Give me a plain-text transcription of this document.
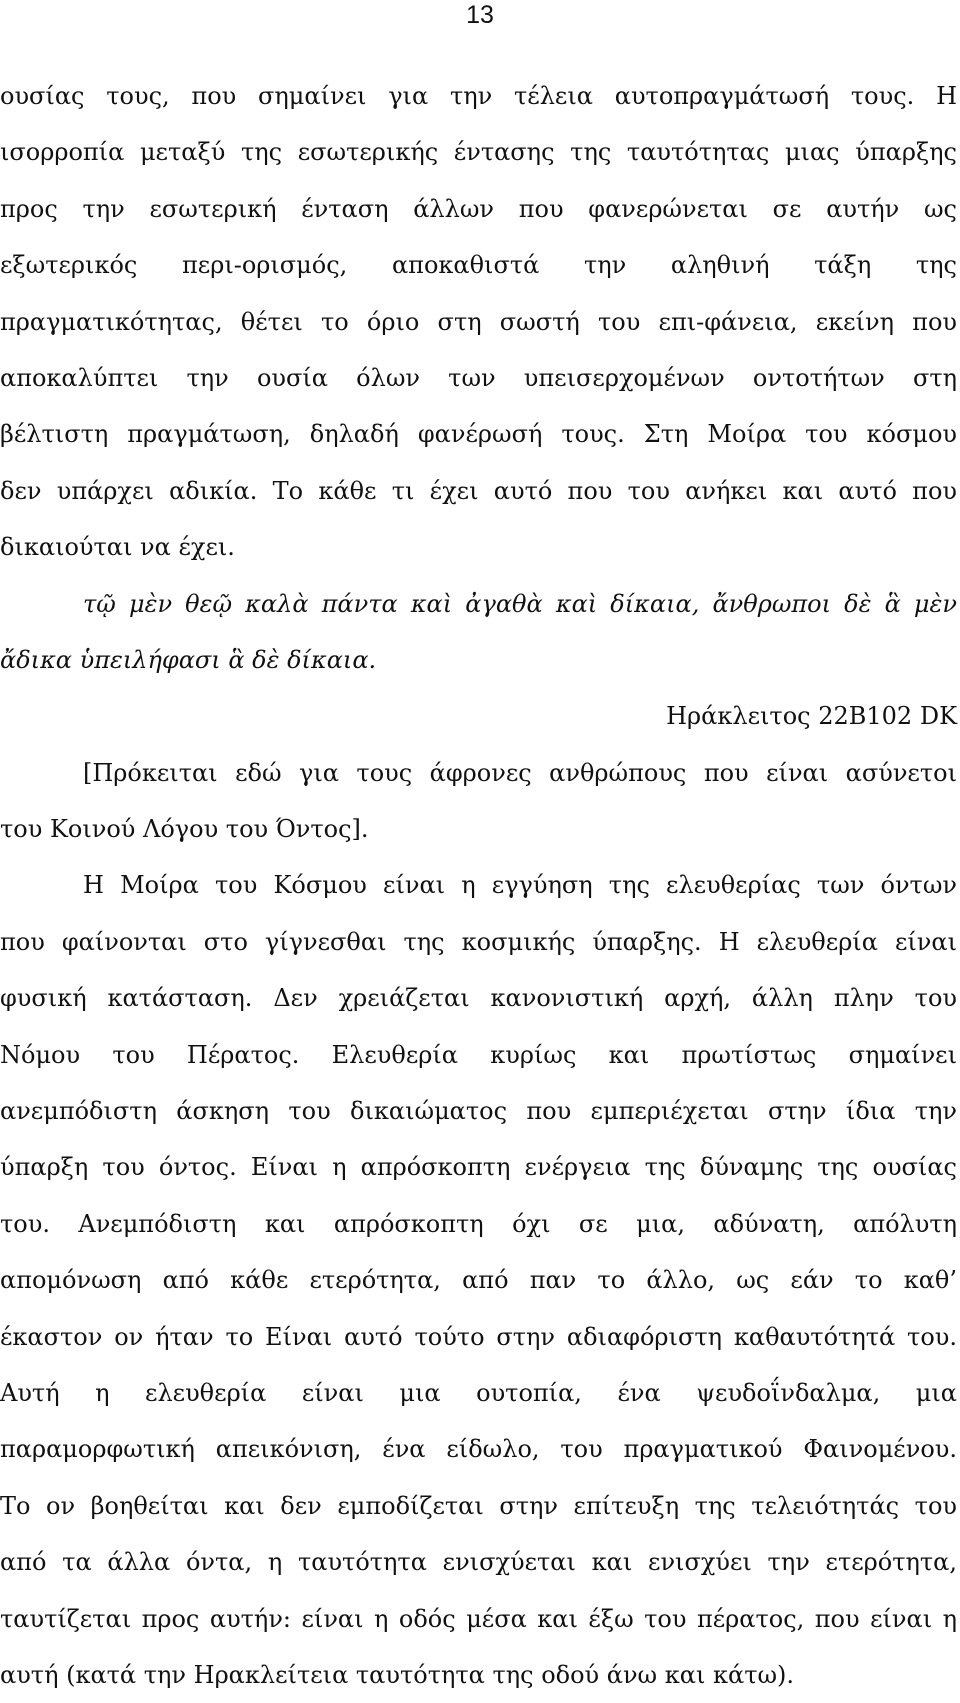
13
ουσίας τους, που σημαίνει για την τέλεια αυτοπραγμάτωσή τους. Η
ισορροπία μεταξύ της εσωτερικής έντασης της ταυτότητας μιας ύπαρξης
προς την εσωτερική ένταση άλλων που φανερώνεται σε αυτήν ως
εξωτερικός περι-ορισμός, αποκαθιστά την αληθινή τάξη της
πραγματικότητας, θέτει το όριο στη σωστή του επι-φάνεια, εκείνη που
αποκαλύπτει την ουσία όλων των υπεισερχομένων οντοτήτων στη
βέλτιστη πραγμάτωση, δηλαδή φανέρωσή τους. Στη Μοίρα του κόσμου
δεν υπάρχει αδικία. Το κάθε τι έχει αυτό που του ανήκει και αυτό που
δικαιούται να έχει.
τῷ μὲν θεῷ καλὰ πάντα καὶ ἀγαθὰ καὶ δίκαια, ἄνθρωποι δὲ ἃ μὲν
ἄδικα ὑπειλήφασι ἃ δὲ δίκαια.
Ηράκλειτος 22Β102 DK
[Πρόκειται εδώ για τους άφρονες ανθρώπους που είναι ασύνετοι
του Κοινού Λόγου του Όντος].
Η Μοίρα του Κόσμου είναι η εγγύηση της ελευθερίας των όντων
που φαίνονται στο γίγνεσθαι της κοσμικής ύπαρξης. Η ελευθερία είναι
φυσική κατάσταση. Δεν χρειάζεται κανονιστική αρχή, άλλη πλην του
Νόμου του Πέρατος. Ελευθερία κυρίως και πρωτίστως σημαίνει
ανεμπόδιστη άσκηση του δικαιώματος που εμπεριέχεται στην ίδια την
ύπαρξη του όντος. Είναι η απρόσκοπτη ενέργεια της δύναμης της ουσίας
του. Ανεμπόδιστη και απρόσκοπτη όχι σε μια, αδύνατη, απόλυτη
απομόνωση από κάθε ετερότητα, από παν το άλλο, ως εάν το καθ’
έκαστον ον ήταν το Είναι αυτό τούτο στην αδιαφόριστη καθαυτότητά του.
Αυτή η ελευθερία είναι μια ουτοπία, ένα ψευδοΐνδαλμα, μια
παραμορφωτική απεικόνιση, ένα είδωλο, του πραγματικού Φαινομένου.
Το ον βοηθείται και δεν εμποδίζεται στην επίτευξη της τελειότητάς του
από τα άλλα όντα, η ταυτότητα ενισχύεται και ενισχύει την ετερότητα,
ταυτίζεται προς αυτήν: είναι η οδός μέσα και έξω του πέρατος, που είναι η
αυτή (κατά την Ηρακλείτεια ταυτότητα της οδού άνω και κάτω).
